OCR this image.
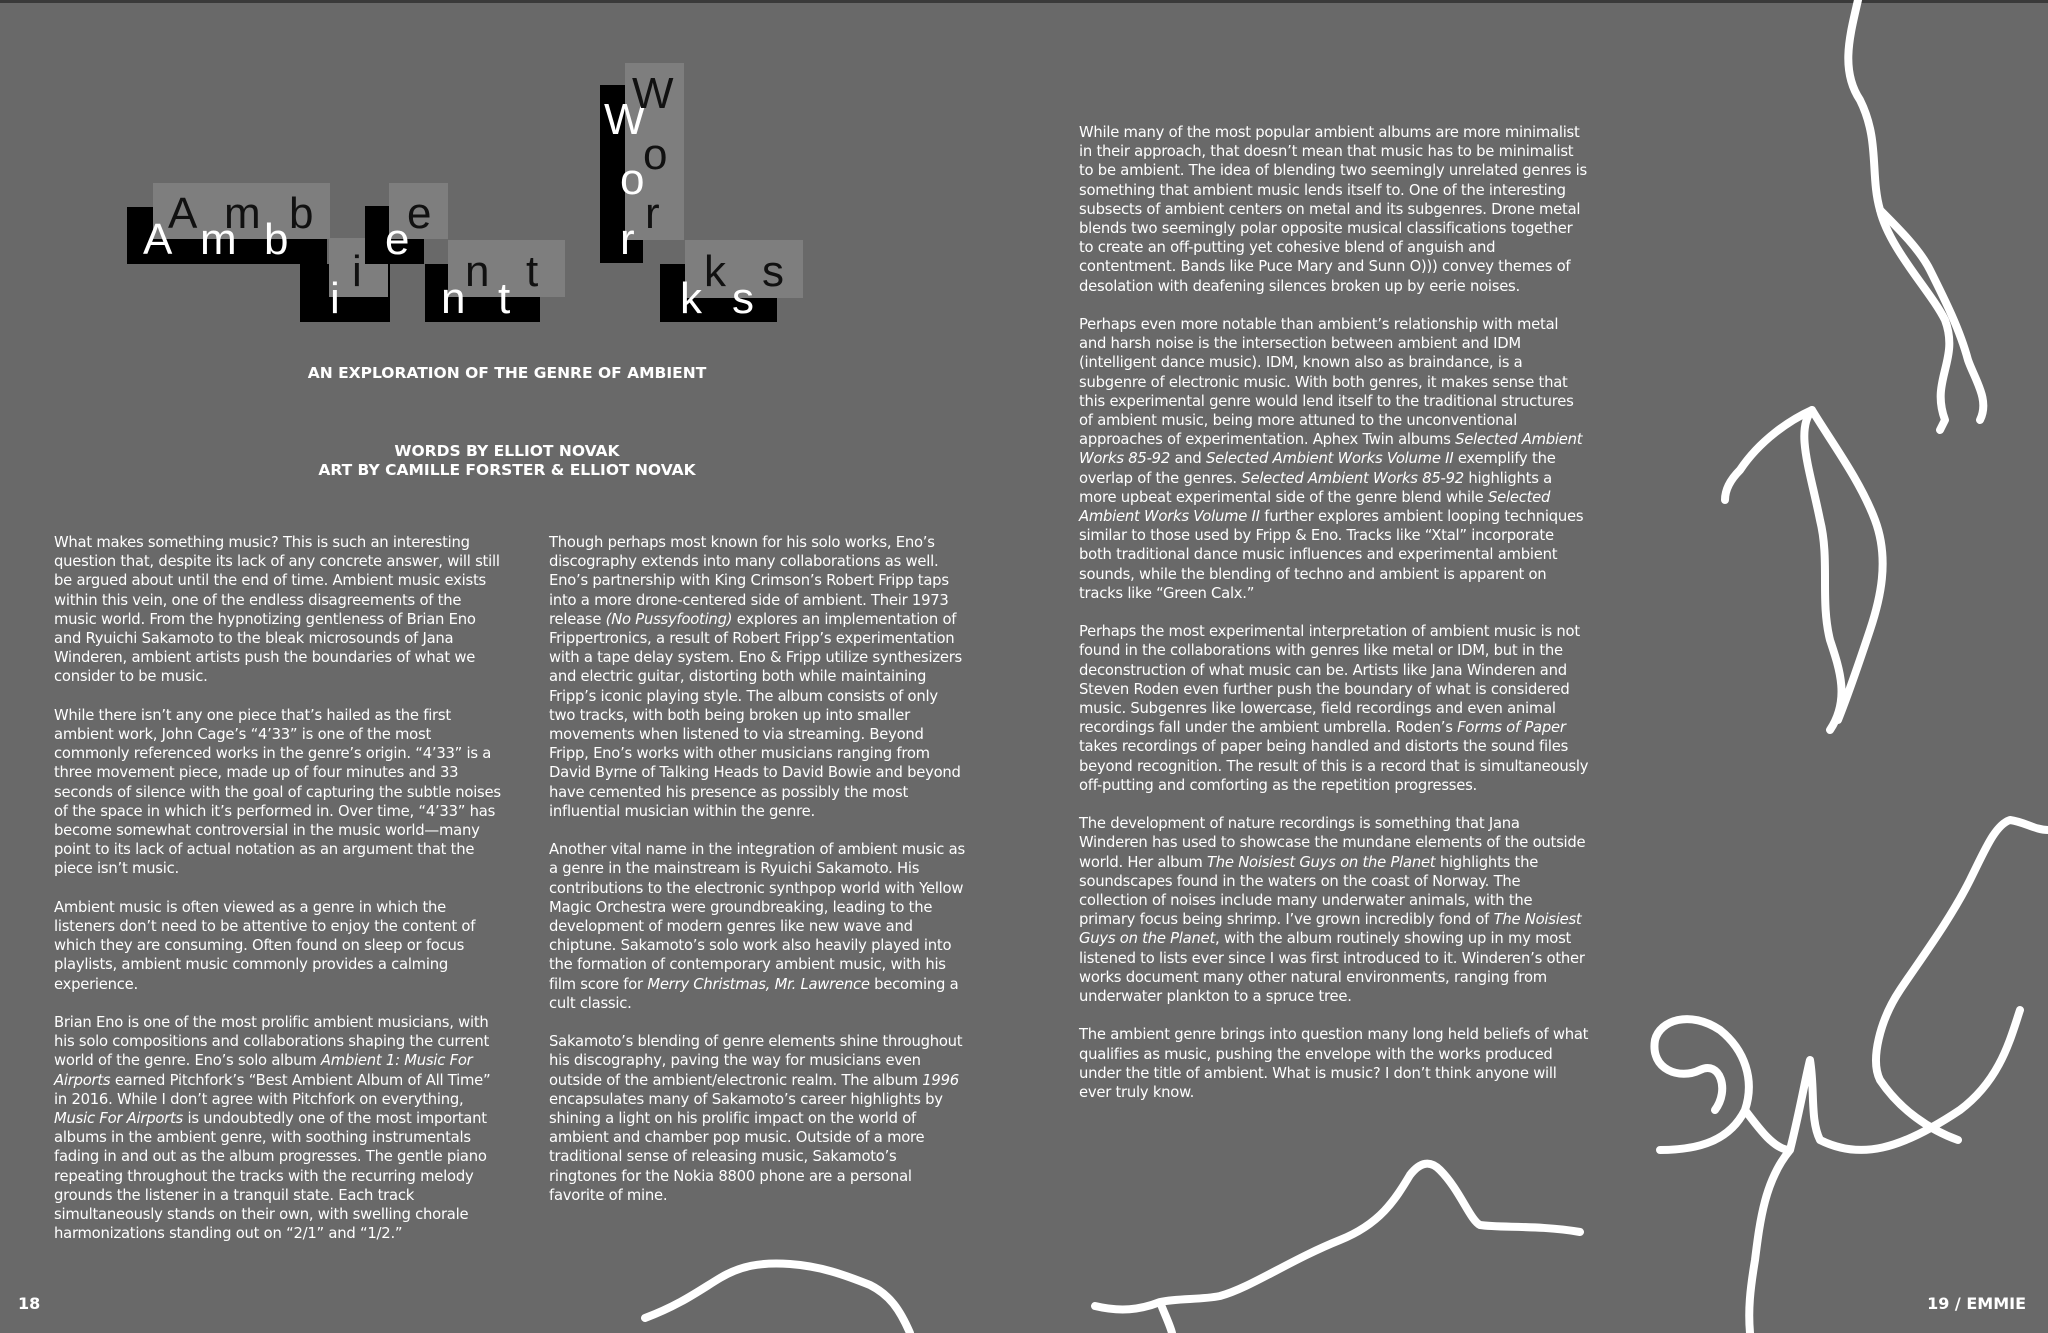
A m b
i
e
n t
W
o
r
k s
A m b
i
e
n t
W
o
r
k s
AN EXPLORATION OF THE GENRE OF AMBIENT
WORDS BY ELLIOT NOVAK
ART BY CAMILLE FORSTER & ELLIOT NOVAK

What makes something music? This is such an interesting question that, despite its lack of any concrete answer, will still be argued about until the end of time. Ambient music exists within this vein, one of the endless disagreements of the music world. From the hypnotizing gentleness of Brian Eno and Ryuichi Sakamoto to the bleak microsounds of Jana Winderen, ambient artists push the boundaries of what we consider to be music.

While there isn’t any one piece that’s hailed as the first ambient work, John Cage’s “4’33” is one of the most commonly referenced works in the genre’s origin. “4’33” is a three movement piece, made up of four minutes and 33 seconds of silence with the goal of capturing the subtle noises of the space in which it’s performed in. Over time, “4’33” has become somewhat controversial in the music world—many point to its lack of actual notation as an argument that the piece isn’t music.

Ambient music is often viewed as a genre in which the listeners don’t need to be attentive to enjoy the content of which they are consuming. Often found on sleep or focus playlists, ambient music commonly provides a calming experience.

Brian Eno is one of the most prolific ambient musicians, with his solo compositions and collaborations shaping the current world of the genre. Eno’s solo album Ambient 1: Music For Airports earned Pitchfork’s “Best Ambient Album of All Time” in 2016. While I don’t agree with Pitchfork on everything, Music For Airports is undoubtedly one of the most important albums in the ambient genre, with soothing instrumentals fading in and out as the album progresses. The gentle piano repeating throughout the tracks with the recurring melody grounds the listener in a tranquil state. Each track simultaneously stands on their own, with swelling chorale harmonizations standing out on “2/1” and “1/2.”

Though perhaps most known for his solo works, Eno’s discography extends into many collaborations as well. Eno’s partnership with King Crimson’s Robert Fripp taps into a more drone-centered side of ambient. Their 1973 release (No Pussyfooting) explores an implementation of Frippertronics, a result of Robert Fripp’s experimentation with a tape delay system. Eno & Fripp utilize synthesizers and electric guitar, distorting both while maintaining Fripp’s iconic playing style. The album consists of only two tracks, with both being broken up into smaller movements when listened to via streaming. Beyond Fripp, Eno’s works with other musicians ranging from David Byrne of Talking Heads to David Bowie and beyond have cemented his presence as possibly the most influential musician within the genre.

Another vital name in the integration of ambient music as a genre in the mainstream is Ryuichi Sakamoto. His contributions to the electronic synthpop world with Yellow Magic Orchestra were groundbreaking, leading to the development of modern genres like new wave and chiptune. Sakamoto’s solo work also heavily played into the formation of contemporary ambient music, with his film score for Merry Christmas, Mr. Lawrence becoming a cult classic.

Sakamoto’s blending of genre elements shine throughout his discography, paving the way for musicians even outside of the ambient/electronic realm. The album 1996 encapsulates many of Sakamoto’s career highlights by shining a light on his prolific impact on the world of ambient and chamber pop music. Outside of a more traditional sense of releasing music, Sakamoto’s ringtones for the Nokia 8800 phone are a personal favorite of mine.

While many of the most popular ambient albums are more minimalist in their approach, that doesn’t mean that music has to be minimalist to be ambient. The idea of blending two seemingly unrelated genres is something that ambient music lends itself to. One of the interesting subsects of ambient centers on metal and its subgenres. Drone metal blends two seemingly polar opposite musical classifications together to create an off-putting yet cohesive blend of anguish and contentment. Bands like Puce Mary and Sunn O))) convey themes of desolation with deafening silences broken up by eerie noises.

Perhaps even more notable than ambient’s relationship with metal and harsh noise is the intersection between ambient and IDM (intelligent dance music). IDM, known also as braindance, is a subgenre of electronic music. With both genres, it makes sense that this experimental genre would lend itself to the traditional structures of ambient music, being more attuned to the unconventional approaches of experimentation. Aphex Twin albums Selected Ambient Works 85-92 and Selected Ambient Works Volume II exemplify the overlap of the genres. Selected Ambient Works 85-92 highlights a more upbeat experimental side of the genre blend while Selected Ambient Works Volume II further explores ambient looping techniques similar to those used by Fripp & Eno. Tracks like “Xtal” incorporate both traditional dance music influences and experimental ambient sounds, while the blending of techno and ambient is apparent on tracks like “Green Calx.”

Perhaps the most experimental interpretation of ambient music is not found in the collaborations with genres like metal or IDM, but in the deconstruction of what music can be. Artists like Jana Winderen and Steven Roden even further push the boundary of what is considered music. Subgenres like lowercase, field recordings and even animal recordings fall under the ambient umbrella. Roden’s Forms of Paper takes recordings of paper being handled and distorts the sound files beyond recognition. The result of this is a record that is simultaneously off-putting and comforting as the repetition progresses.

The development of nature recordings is something that Jana Winderen has used to showcase the mundane elements of the outside world. Her album The Noisiest Guys on the Planet highlights the soundscapes found in the waters on the coast of Norway. The collection of noises include many underwater animals, with the primary focus being shrimp. I’ve grown incredibly fond of The Noisiest Guys on the Planet, with the album routinely showing up in my most listened to lists ever since I was first introduced to it. Winderen’s other works document many other natural environments, ranging from underwater plankton to a spruce tree.

The ambient genre brings into question many long held beliefs of what qualifies as music, pushing the envelope with the works produced under the title of ambient. What is music? I don’t think anyone will ever truly know.

18	19 / EMMIE
